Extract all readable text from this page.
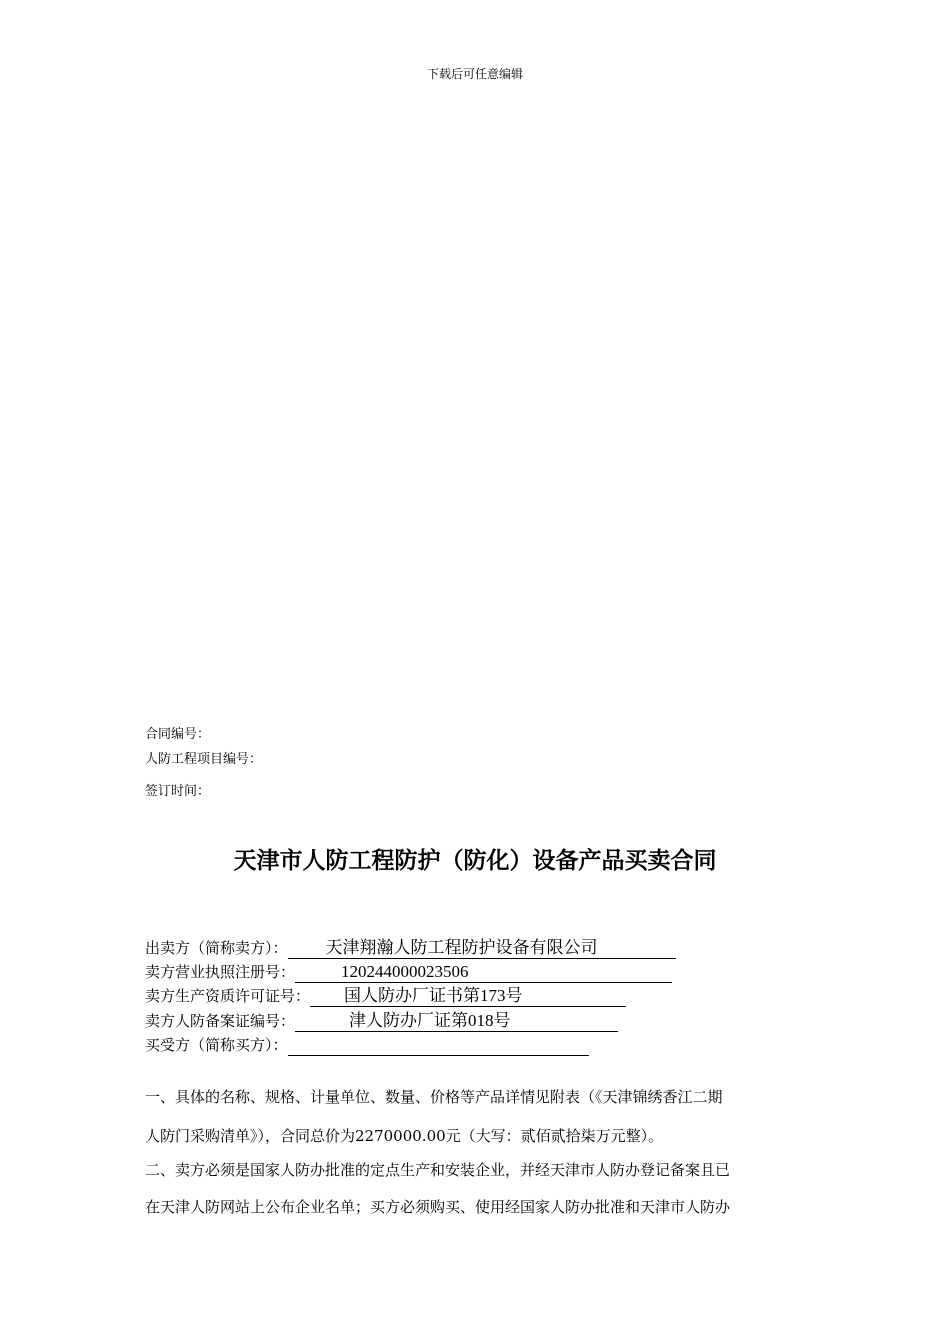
下载后可任意编辑
合同编号：
人防工程项目编号：
签订时间：
天津市人防工程防护（防化）设备产品买卖合同
出卖方（简称卖方）： 天津翔瀚人防工程防护设备有限公司
卖方营业执照注册号：	120244000023506
卖方生产资质许可证号： 国人防办厂证书第173号
卖方人防备案证编号：	津人防办厂证第018号
买受方（简称买方）：
一、具体的名称、规格、计量单位、数量、价格等产品详情见附表（《天津锦绣香江二期
人防门采购清单》），合同总价为2270000.00元（大写：贰佰贰拾柒万元整）。
二、卖方必须是国家人防办批准的定点生产和安装企业，并经天津市人防办登记备案且已
在天津人防网站上公布企业名单；买方必须购买、使用经国家人防办批准和天津市人防办
